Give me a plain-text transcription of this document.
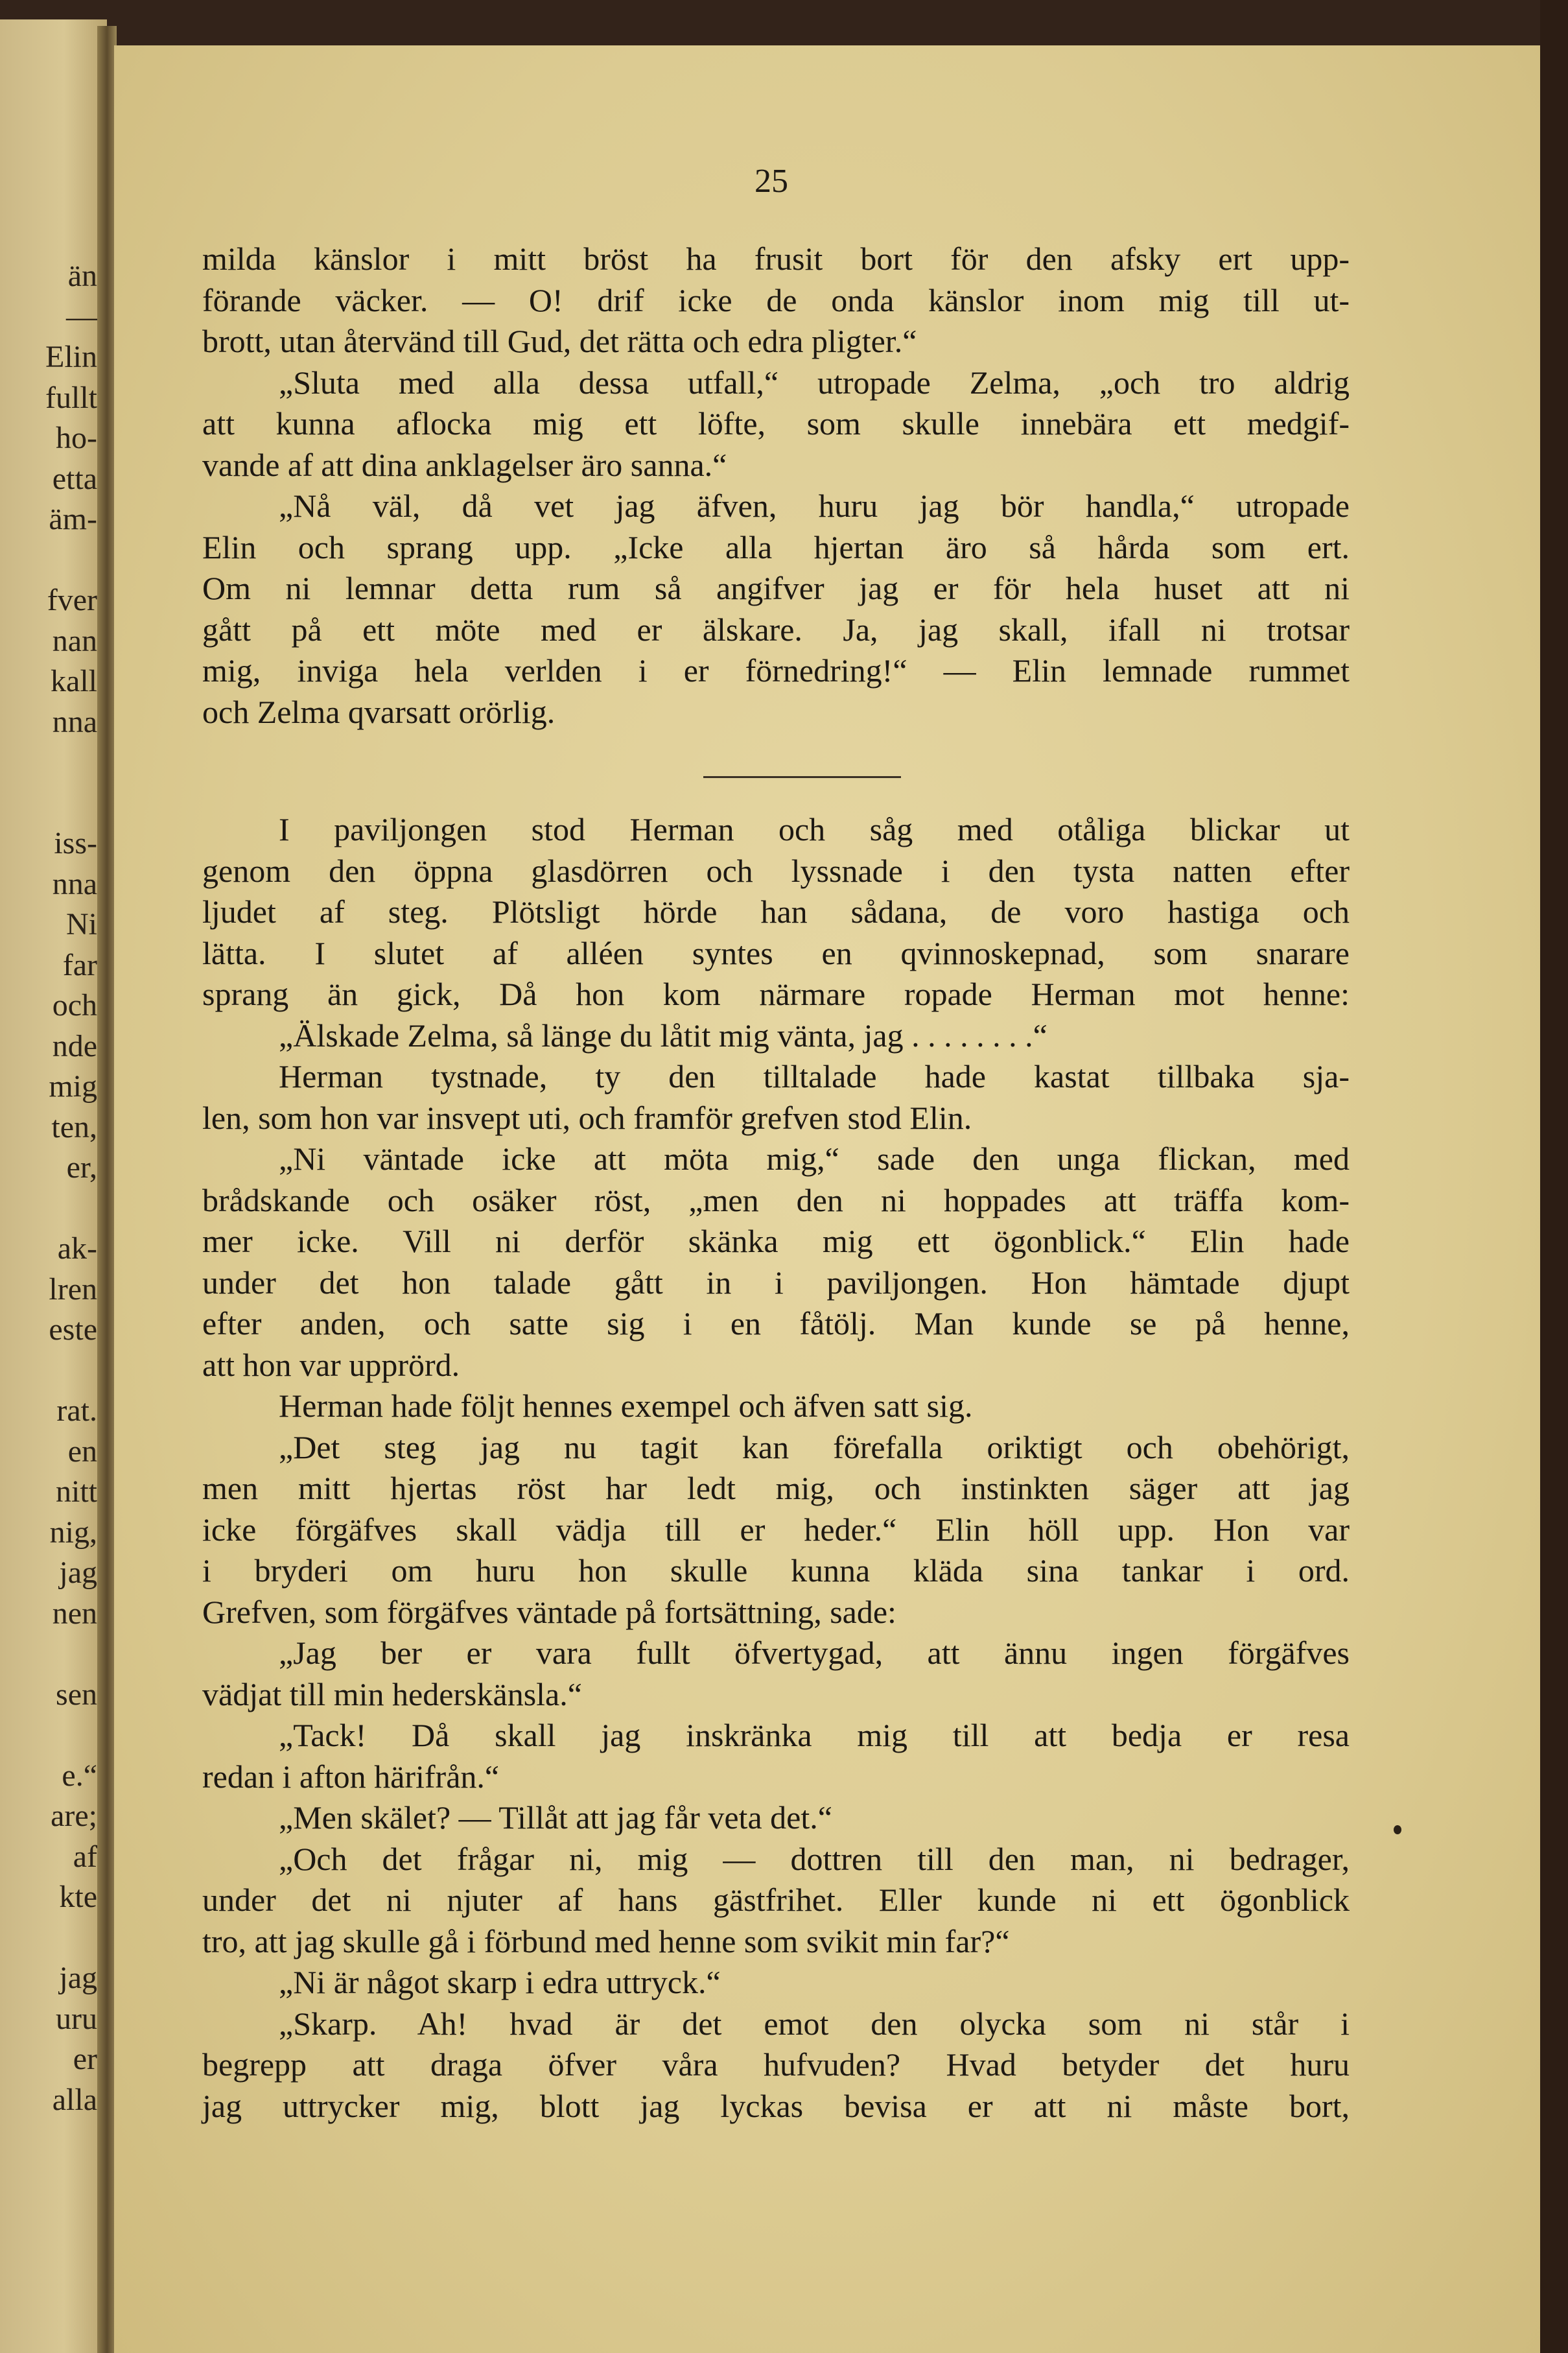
än
—
Elin
fullt
ho-
etta
äm-
fver
nan
kall
nna
iss-
nna
Ni
far
och
nde
mig
ten,
er,
ak-
lren
este
rat.
en
nitt
nig,
jag
nen
sen
e.“
are;
af
kte
jag
uru
er
alla

25

milda känslor i mitt bröst ha frusit bort för den afsky ert upp-
förande väcker. — O! drif icke de onda känslor inom mig till ut-
brott, utan återvänd till Gud, det rätta och edra pligter.“
„Sluta med alla dessa utfall,“ utropade Zelma, „och tro aldrig
att kunna aflocka mig ett löfte, som skulle innebära ett medgif-
vande af att dina anklagelser äro sanna.“
„Nå väl, då vet jag äfven, huru jag bör handla,“ utropade
Elin och sprang upp. „Icke alla hjertan äro så hårda som ert.
Om ni lemnar detta rum så angifver jag er för hela huset att ni
gått på ett möte med er älskare. Ja, jag skall, ifall ni trotsar
mig, inviga hela verlden i er förnedring!“ — Elin lemnade rummet
och Zelma qvarsatt orörlig.
I paviljongen stod Herman och såg med otåliga blickar ut
genom den öppna glasdörren och lyssnade i den tysta natten efter
ljudet af steg. Plötsligt hörde han sådana, de voro hastiga och
lätta. I slutet af alléen syntes en qvinnoskepnad, som snarare
sprang än gick, Då hon kom närmare ropade Herman mot henne:
„Älskade Zelma, så länge du låtit mig vänta, jag . . . . . . . .“
Herman tystnade, ty den tilltalade hade kastat tillbaka sja-
len, som hon var insvept uti, och framför grefven stod Elin.
„Ni väntade icke att möta mig,“ sade den unga flickan, med
brådskande och osäker röst, „men den ni hoppades att träffa kom-
mer icke. Vill ni derför skänka mig ett ögonblick.“ Elin hade
under det hon talade gått in i paviljongen. Hon hämtade djupt
efter anden, och satte sig i en fåtölj. Man kunde se på henne,
att hon var upprörd.
Herman hade följt hennes exempel och äfven satt sig.
„Det steg jag nu tagit kan förefalla oriktigt och obehörigt,
men mitt hjertas röst har ledt mig, och instinkten säger att jag
icke förgäfves skall vädja till er heder.“ Elin höll upp. Hon var
i bryderi om huru hon skulle kunna kläda sina tankar i ord.
Grefven, som förgäfves väntade på fortsättning, sade:
„Jag ber er vara fullt öfvertygad, att ännu ingen förgäfves
vädjat till min hederskänsla.“
„Tack! Då skall jag inskränka mig till att bedja er resa
redan i afton härifrån.“
„Men skälet? — Tillåt att jag får veta det.“
„Och det frågar ni, mig — dottren till den man, ni bedrager,
under det ni njuter af hans gästfrihet. Eller kunde ni ett ögonblick
tro, att jag skulle gå i förbund med henne som svikit min far?“
„Ni är något skarp i edra uttryck.“
„Skarp. Ah! hvad är det emot den olycka som ni står i
begrepp att draga öfver våra hufvuden? Hvad betyder det huru
jag uttrycker mig, blott jag lyckas bevisa er att ni måste bort,
